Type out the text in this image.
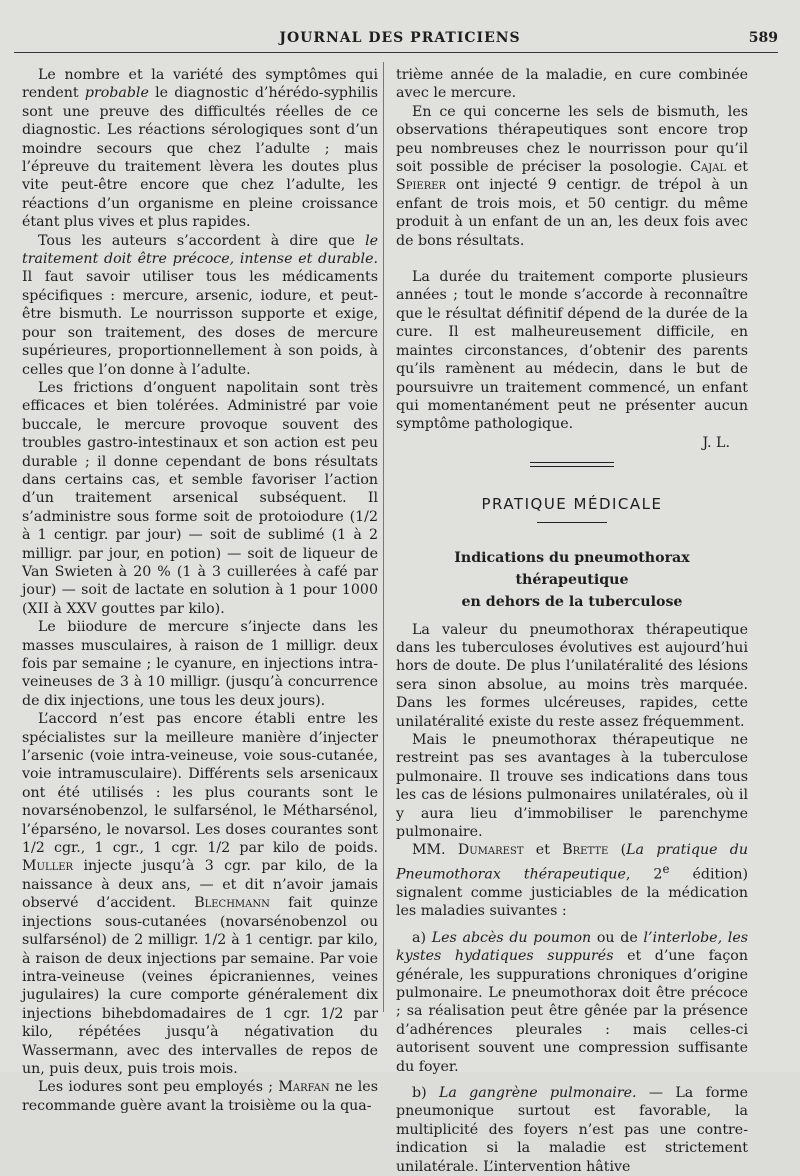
JOURNAL DES PRATICIENS	589

Le nombre et la variété des symptômes qui rendent probable le diagnostic d’hérédo-syphilis sont une preuve des difficultés réelles de ce diagnostic. Les réactions sérologiques sont d’un moindre secours que chez l’adulte ; mais l’épreuve du traitement lèvera les doutes plus vite peut-être encore que chez l’adulte, les réactions d’un organisme en pleine croissance étant plus vives et plus rapides.

Tous les auteurs s’accordent à dire que le traitement doit être précoce, intense et durable. Il faut savoir utiliser tous les médicaments spécifiques : mercure, arsenic, iodure, et peut-être bismuth. Le nourrisson supporte et exige, pour son traitement, des doses de mercure supérieures, proportionnellement à son poids, à celles que l’on donne à l’adulte.

Les frictions d’onguent napolitain sont très efficaces et bien tolérées. Administré par voie buccale, le mercure provoque souvent des troubles gastro-intestinaux et son action est peu durable ; il donne cependant de bons résultats dans certains cas, et semble favoriser l’action d’un traitement arsenical subséquent. Il s’administre sous forme soit de protoiodure (1/2 à 1 centigr. par jour) — soit de sublimé (1 à 2 milligr. par jour, en potion) — soit de liqueur de Van Swieten à 20 % (1 à 3 cuillerées à café par jour) — soit de lactate en solution à 1 pour 1000 (XII à XXV gouttes par kilo).

Le biiodure de mercure s’injecte dans les masses musculaires, à raison de 1 milligr. deux fois par semaine ; le cyanure, en injections intra-veineuses de 3 à 10 milligr. (jusqu’à concurrence de dix injections, une tous les deux jours).

L’accord n’est pas encore établi entre les spécialistes sur la meilleure manière d’injecter l’arsenic (voie intra-veineuse, voie sous-cutanée, voie intramusculaire). Différents sels arsenicaux ont été utilisés : les plus courants sont le novarsénobenzol, le sulfarsénol, le Métharsénol, l’éparséno, le novarsol. Les doses courantes sont 1/2 cgr., 1 cgr., 1 cgr. 1/2 par kilo de poids. Muller injecte jusqu’à 3 cgr. par kilo, de la naissance à deux ans, — et dit n’avoir jamais observé d’accident. Blechmann fait quinze injections sous-cutanées (novarsénobenzol ou sulfarsénol) de 2 milligr. 1/2 à 1 centigr. par kilo, à raison de deux injections par semaine. Par voie intra-veineuse (veines épicraniennes, veines jugulaires) la cure comporte généralement dix injections bihebdomadaires de 1 cgr. 1/2 par kilo, répétées jusqu’à négativation du Wassermann, avec des intervalles de repos de un, puis deux, puis trois mois.

Les iodures sont peu employés ; Marfan ne les recommande guère avant la troisième ou la qua-

trième année de la maladie, en cure combinée avec le mercure.

En ce qui concerne les sels de bismuth, les observations thérapeutiques sont encore trop peu nombreuses chez le nourrisson pour qu’il soit possible de préciser la posologie. Cajal et Spierer ont injecté 9 centigr. de trépol à un enfant de trois mois, et 50 centigr. du même produit à un enfant de un an, les deux fois avec de bons résultats.

La durée du traitement comporte plusieurs années ; tout le monde s’accorde à reconnaître que le résultat définitif dépend de la durée de la cure. Il est malheureusement difficile, en maintes circonstances, d’obtenir des parents qu’ils ramènent au médecin, dans le but de poursuivre un traitement commencé, un enfant qui momentanément peut ne présenter aucun symptôme pathologique.

J. L.
PRATIQUE MÉDICALE
Indications du pneumothorax thérapeutique
en dehors de la tuberculose

La valeur du pneumothorax thérapeutique dans les tuberculoses évolutives est aujourd’hui hors de doute. De plus l’unilatéralité des lésions sera sinon absolue, au moins très marquée. Dans les formes ulcéreuses, rapides, cette unilatéralité existe du reste assez fréquemment.

Mais le pneumothorax thérapeutique ne restreint pas ses avantages à la tuberculose pulmonaire. Il trouve ses indications dans tous les cas de lésions pulmonaires unilatérales, où il y aura lieu d’immobiliser le parenchyme pulmonaire.

MM. Dumarest et Brette (La pratique du Pneumothorax thérapeutique, 2e édition) signalent comme justiciables de la médication les maladies suivantes :

a) Les abcès du poumon ou de l’interlobe, les kystes hydatiques suppurés et d’une façon générale, les suppurations chroniques d’origine pulmonaire. Le pneumothorax doit être précoce ; sa réalisation peut être gênée par la présence d’adhérences pleurales : mais celles-ci autorisent souvent une compression suffisante du foyer.

b) La gangrène pulmonaire. — La forme pneumonique surtout est favorable, la multiplicité des foyers n’est pas une contre-indication si la maladie est strictement unilatérale. L’intervention hâtive
